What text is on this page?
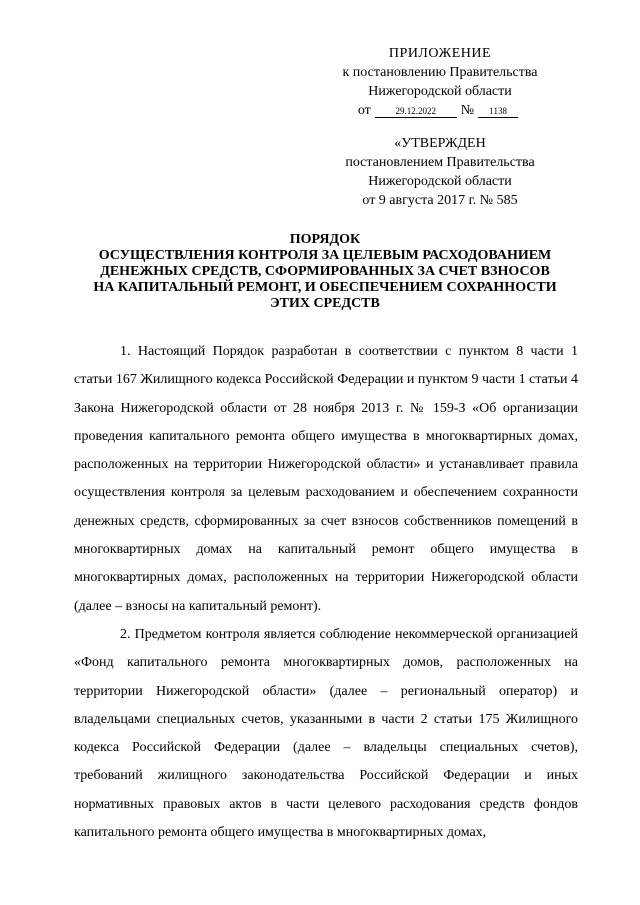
ПРИЛОЖЕНИЕ
к постановлению Правительства
Нижегородской области
от	29.12.2022	№	1138
«УТВЕРЖДЕН
постановлением Правительства
Нижегородской области
от 9 августа 2017 г. № 585
ПОРЯДОК
ОСУЩЕСТВЛЕНИЯ КОНТРОЛЯ ЗА ЦЕЛЕВЫМ РАСХОДОВАНИЕМ
ДЕНЕЖНЫХ СРЕДСТВ, СФОРМИРОВАННЫХ ЗА СЧЕТ ВЗНОСОВ
НА КАПИТАЛЬНЫЙ РЕМОНТ, И ОБЕСПЕЧЕНИЕМ СОХРАННОСТИ
ЭТИХ СРЕДСТВ

1. Настоящий Порядок разработан в соответствии с пунктом 8 части 1 статьи 167 Жилищного кодекса Российской Федерации и пунктом 9 части 1 статьи 4 Закона Нижегородской области от 28 ноября 2013 г. № 159-З «Об организации проведения капитального ремонта общего имущества в многоквартирных домах, расположенных на территории Нижегородской области» и устанавливает правила осуществления контроля за целевым расходованием и обеспечением сохранности денежных средств, сформированных за счет взносов собственников помещений в многоквартирных домах на капитальный ремонт общего имущества в многоквартирных домах, расположенных на территории Нижегородской области (далее – взносы на капитальный ремонт).

2. Предметом контроля является соблюдение некоммерческой организацией «Фонд капитального ремонта многоквартирных домов, расположенных на территории Нижегородской области» (далее – региональный оператор) и владельцами специальных счетов, указанными в части 2 статьи 175 Жилищного кодекса Российской Федерации (далее – владельцы специальных счетов), требований жилищного законодательства Российской Федерации и иных нормативных правовых актов в части целевого расходования средств фондов капитального ремонта общего имущества в многоквартирных домах,
